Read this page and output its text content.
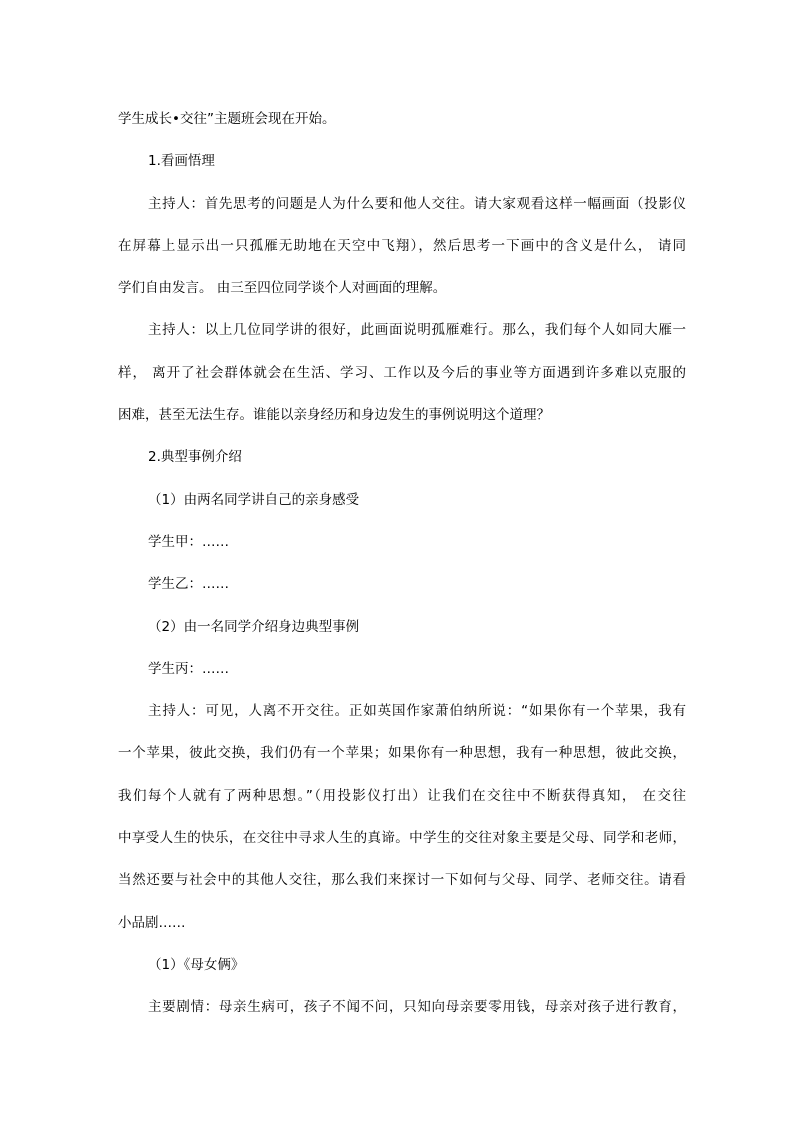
学生成长•交往”主题班会现在开始。
1.看画悟理
主持人：首先思考的问题是人为什么要和他人交往。请大家观看这样一幅画面（投影仪
在屏幕上显示出一只孤雁无助地在天空中飞翔），然后思考一下画中的含义是什么， 请同
学们自由发言。 由三至四位同学谈个人对画面的理解。
主持人：以上几位同学讲的很好，此画面说明孤雁难行。那么，我们每个人如同大雁一
样， 离开了社会群体就会在生活、学习、工作以及今后的事业等方面遇到许多难以克服的
困难，甚至无法生存。谁能以亲身经历和身边发生的事例说明这个道理？
2.典型事例介绍
（1）由两名同学讲自己的亲身感受
学生甲：……
学生乙：……
（2）由一名同学介绍身边典型事例
学生丙：……
主持人：可见，人离不开交往。正如英国作家萧伯纳所说：“如果你有一个苹果，我有
一个苹果，彼此交换，我们仍有一个苹果；如果你有一种思想，我有一种思想，彼此交换，
我们每个人就有了两种思想。”（用投影仪打出）让我们在交往中不断获得真知， 在交往
中享受人生的快乐，在交往中寻求人生的真谛。中学生的交往对象主要是父母、同学和老师，
当然还要与社会中的其他人交往，那么我们来探讨一下如何与父母、同学、老师交往。请看
小品剧……
（1）《母女俩》
主要剧情：母亲生病可，孩子不闻不问，只知向母亲要零用钱，母亲对孩子进行教育，
